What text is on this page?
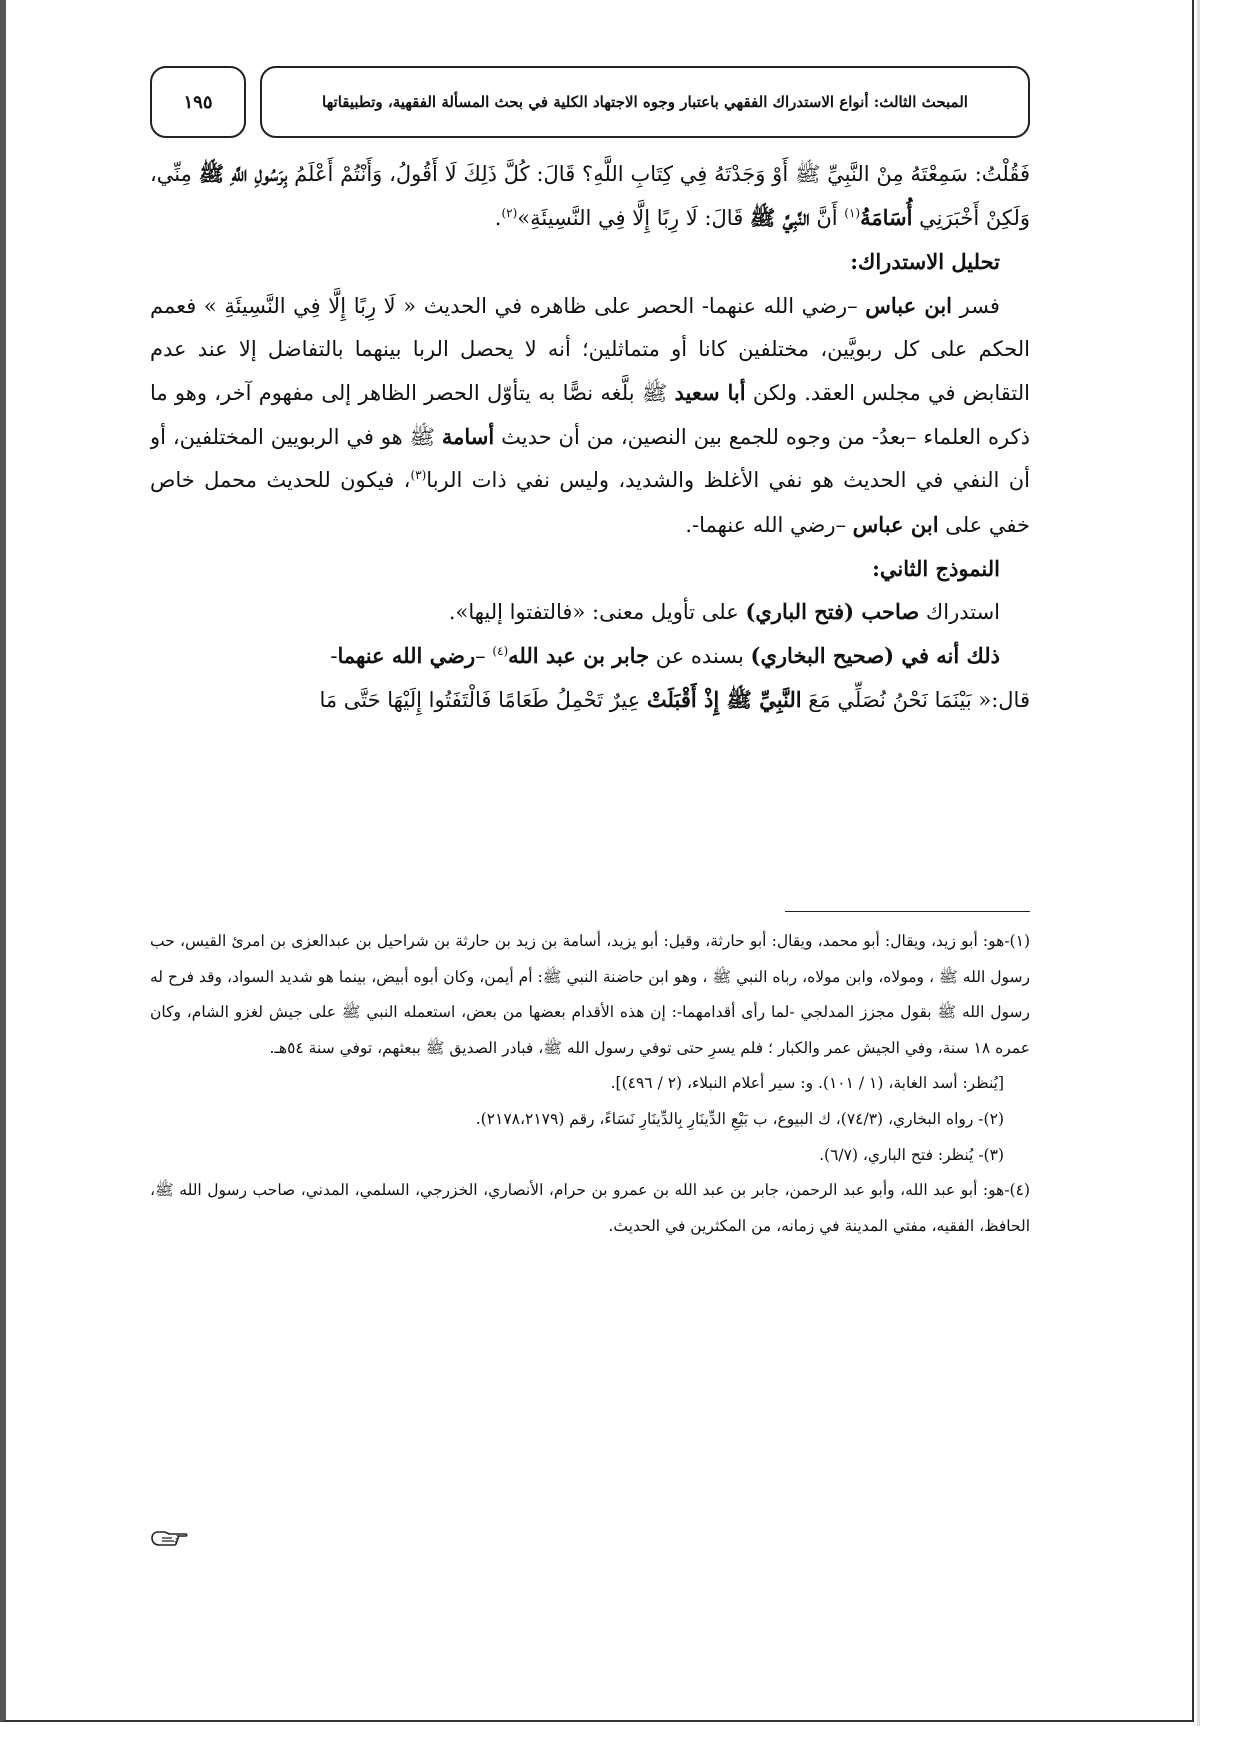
المبحث الثالث: أنواع الاستدراك الفقهي باعتبار وجوه الاجتهاد الكلية في بحث المسألة الفقهية، وتطبيقاتها
١٩٥

فَقُلْتُ: سَمِعْتَهُ مِنْ النَّبِيِّ ﷺ أَوْ وَجَدْتَهُ فِي كِتَابِ اللَّهِ؟ قَالَ: كُلَّ ذَلِكَ لَا أَقُولُ، وَأَنْتُمْ أَعْلَمُ بِرَسُولِ اللَّهِ ﷺ مِنِّي، وَلَكِنْ أَخْبَرَنِي أُسَامَةُ$^{(١)}$ أَنَّ النَّبِيَّ ﷺ قَالَ: لَا رِبًا إِلَّا فِي النَّسِيئَةِ»$^{(٢)}$.

تحليل الاستدراك:

فسر ابن عباس –رضي الله عنهما- الحصر على ظاهره في الحديث « لَا رِبًا إِلَّا فِي النَّسِيئَةِ » فعمم الحكم على كل ربويَّين، مختلفين كانا أو متماثلين؛ أنه لا يحصل الربا بينهما بالتفاضل إلا عند عدم التقابض في مجلس العقد. ولكن أبا سعيد ﷺ بلَّغه نصًّا به يتأوّل الحصر الظاهر إلى مفهوم آخر، وهو ما ذكره العلماء –بعدُ- من وجوه للجمع بين النصين، من أن حديث أسامة ﷺ هو في الربويين المختلفين، أو أن النفي في الحديث هو نفي الأغلظ والشديد، وليس نفي ذات الربا$^{(٣)}$، فيكون للحديث محمل خاص خفي على ابن عباس –رضي الله عنهما-.

النموذج الثاني:

استدراك صاحب (فتح الباري) على تأويل معنى: «فالتفتوا إليها».

ذلك أنه في (صحيح البخاري) بسنده عن جابر بن عبد الله$^{(٤)}$ –رضي الله عنهما-

قال:« بَيْنَمَا نَحْنُ نُصَلِّي مَعَ النَّبِيِّ ﷺ إِذْ أَقْبَلَتْ عِيرٌ تَحْمِلُ طَعَامًا فَالْتَفَتُوا إِلَيْهَا حَتَّى مَا

(١)-هو: أبو زيد، ويقال: أبو محمد، ويقال: أبو حارثة، وقيل: أبو يزيد، أسامة بن زيد بن حارثة بن شراحيل بن عبدالعزى بن امرئ القيس، حب رسول الله ﷺ ، ومولاه، وابن مولاه، رباه النبي ﷺ ، وهو ابن حاضنة النبي ﷺ: أم أيمن، وكان أبوه أبيض، بينما هو شديد السواد، وقد فرح له رسول الله ﷺ بقول مجزز المدلجي -لما رأى أقدامهما-: إن هذه الأقدام بعضها من بعض، استعمله النبي ﷺ على جيش لغزو الشام، وكان عمره ١٨ سنة، وفي الجيش عمر والكبار ؛ فلم يسرِ حتى توفي رسول الله ﷺ، فبادر الصديق ﷺ ببعثهم، توفي سنة ٥٤هـ.

[يُنظر: أسد الغابة، (١ / ١٠١). و: سير أعلام النبلاء، (٢ / ٤٩٦)].

(٢)- رواه البخاري، (٧٤/٣)، ك البيوع، ب بَيْعِ الدِّينَارِ بِالدِّينَارِ نَسَاءً، رقم (٢١٧٨،٢١٧٩).

(٣)- يُنظر: فتح الباري، (٦/٧).

(٤)-هو: أبو عبد الله، وأبو عبد الرحمن، جابر بن عبد الله بن عمرو بن حرام، الأنصاري، الخزرجي، السلمي، المدني، صاحب رسول الله ﷺ، الحافظ، الفقيه، مفتي المدينة في زمانه، من المكثرين في الحديث.
